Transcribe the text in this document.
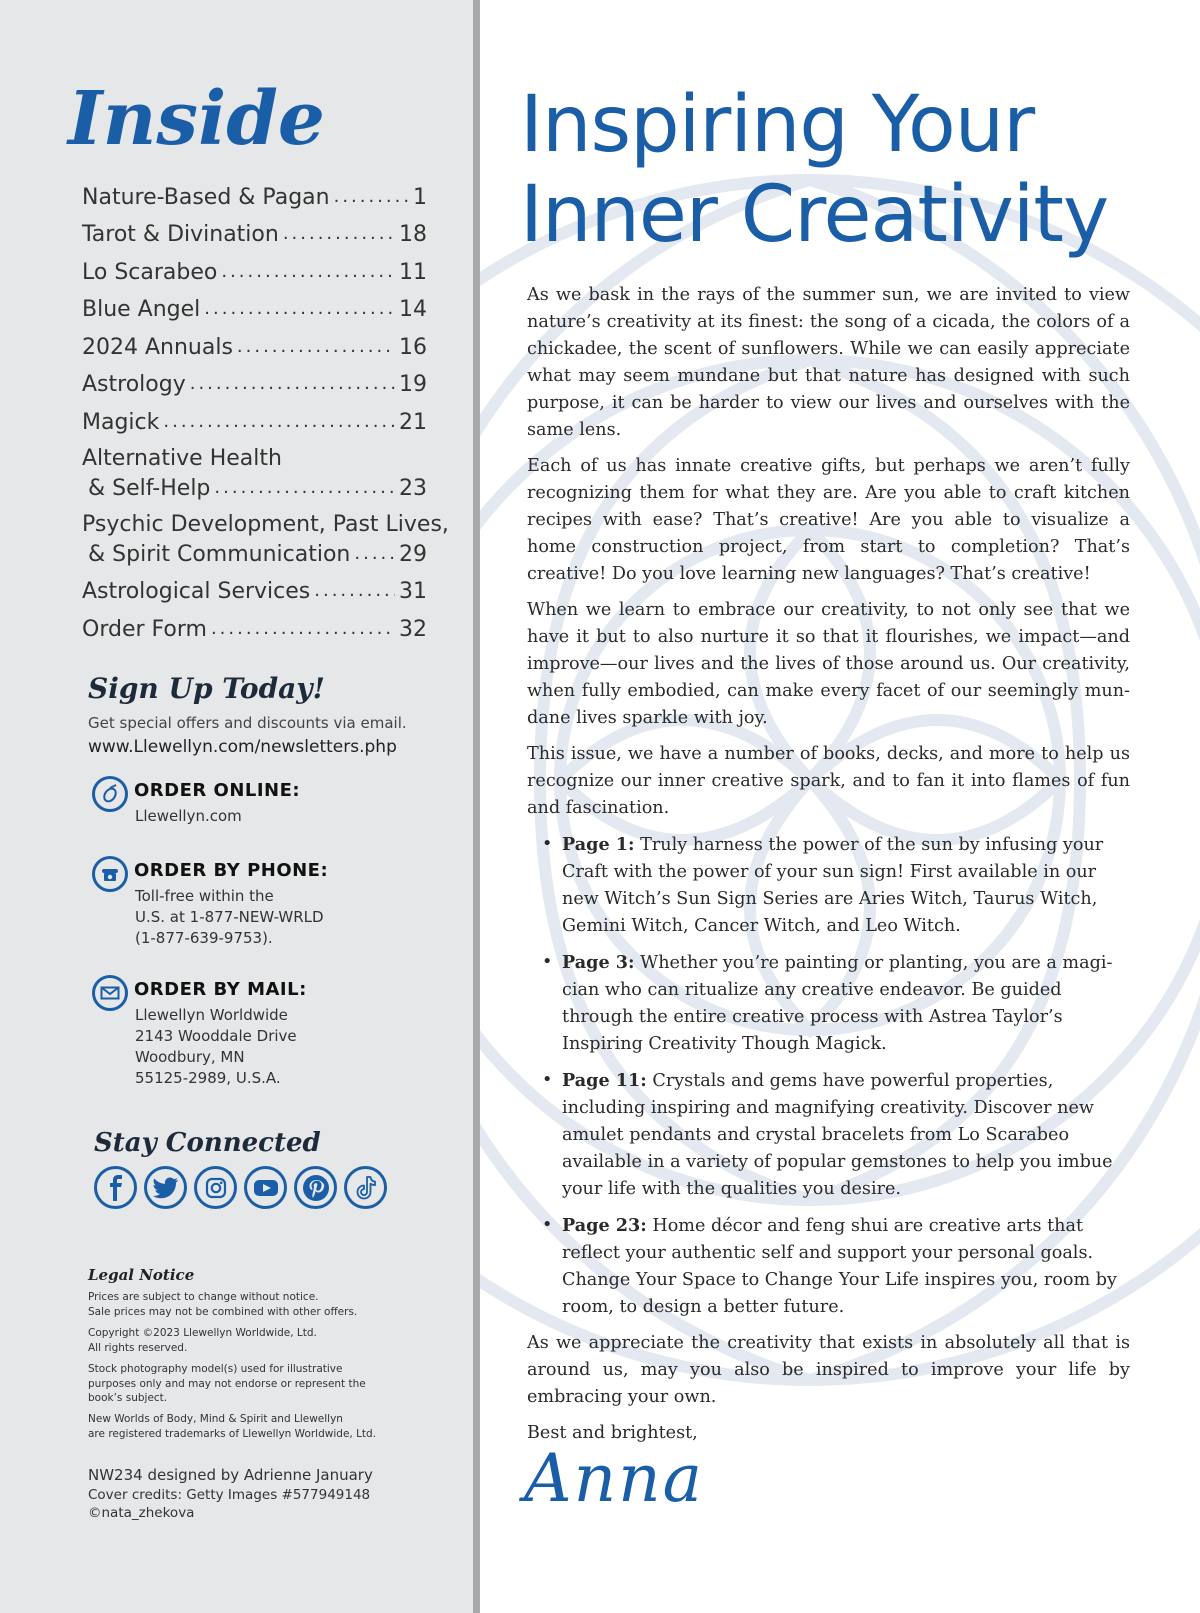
Inside
Nature-Based & Pagan .....	1
Tarot & Divination .....	18
Lo Scarabeo .....	11
Blue Angel .....	14
2024 Annuals .....	16
Astrology .....	19
Magick .....	21
Alternative Health
& Self-Help .....	23
Psychic Development, Past Lives,
& Spirit Communication ..... 29
Astrological Services .....	31
Order Form .....	32
Sign Up Today!
Get special offers and discounts via email.
www.Llewellyn.com/newsletters.php
ORDER ONLINE:
Llewellyn.com
ORDER BY PHONE:
Toll-free within the
U.S. at 1-877-NEW-WRLD
(1-877-639-9753).
ORDER BY MAIL:
Llewellyn Worldwide
2143 Wooddale Drive
Woodbury, MN
55125-2989, U.S.A.
Stay Connected
Legal Notice
Prices are subject to change without notice.
Sale prices may not be combined with other offers.
Copyright ©2023 Llewellyn Worldwide, Ltd.
All rights reserved.
Stock photography model(s) used for illustrative
purposes only and may not endorse or represent the
book’s subject.
New Worlds of Body, Mind & Spirit and Llewellyn
are registered trademarks of Llewellyn Worldwide, Ltd.
NW234 designed by Adrienne January
Cover credits: Getty Images #577949148
©nata_zhekova
Inspiring Your
Inner Creativity

As we bask in the rays of the summer sun, we are invited to view nature’s creativity at its finest: the song of a cicada, the colors of a chickadee, the scent of sunflowers. While we can easily appreciate what may seem mundane but that nature has designed with such purpose, it can be harder to view our lives and ourselves with the same lens.

Each of us has innate creative gifts, but perhaps we aren’t fully recognizing them for what they are. Are you able to craft kitchen recipes with ease? That’s creative! Are you able to visualize a home construction project, from start to completion? That’s creative! Do you love learning new languages? That’s creative!

When we learn to embrace our creativity, to not only see that we have it but to also nurture it so that it flourishes, we impact—and improve—our lives and the lives of those around us. Our creativity, when fully embodied, can make every facet of our seemingly mundane lives sparkle with joy.

This issue, we have a number of books, decks, and more to help us recognize our inner creative spark, and to fan it into flames of fun and fascination.

• Page 1: Truly harness the power of the sun by infusing your Craft with the power of your sun sign! First available in our new Witch’s Sun Sign Series are Aries Witch, Taurus Witch, Gemini Witch, Cancer Witch, and Leo Witch.
• Page 3: Whether you’re painting or planting, you are a magician who can ritualize any creative endeavor. Be guided through the entire creative process with Astrea Taylor’s Inspiring Creativity Though Magick.
• Page 11: Crystals and gems have powerful properties, including inspiring and magnifying creativity. Discover new amulet pendants and crystal bracelets from Lo Scarabeo available in a variety of popular gemstones to help you imbue your life with the qualities you desire.
• Page 23: Home décor and feng shui are creative arts that reflect your authentic self and support your personal goals. Change Your Space to Change Your Life inspires you, room by room, to design a better future.

As we appreciate the creativity that exists in absolutely all that is around us, may you also be inspired to improve your life by embracing your own.

Best and brightest,

Anna
